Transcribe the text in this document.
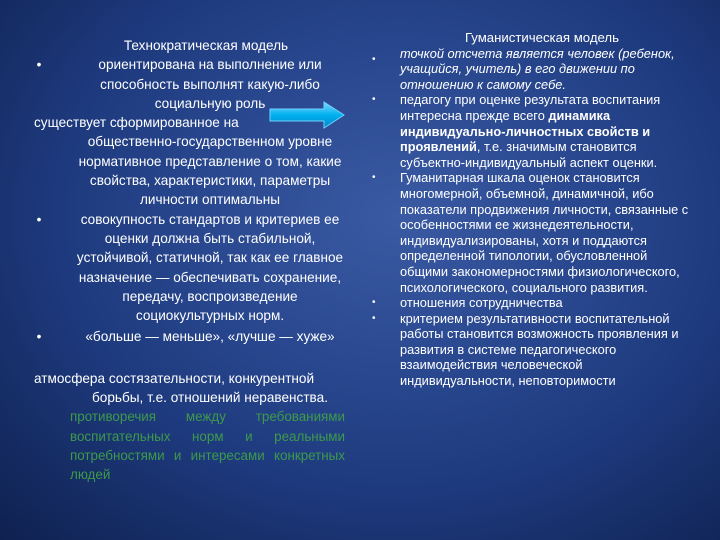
Технократическая модель
•	ориентирована на выполнение или способность выполнят какую-либо социальную роль
существует сформированное на
общественно-государственном уровне нормативное представление о том, какие свойства, характеристики, параметры личности оптимальны
•	совокупность стандартов и критериев ее оценки должна быть стабильной, устойчивой, статичной, так как ее главное назначение — обеспечивать сохранение, передачу, воспроизведение социокультурных норм.
•	«больше — меньше», «лучше — хуже»
атмосфера состязательности, конкурентной
борьбы, т.е. отношений неравенства.
противоречия между требованиями воспитательных норм и реальными потребностями и интересами конкретных людей
Гуманистическая модель
•	точкой отсчета является человек (ребенок, учащийся, учитель) в его движении по отношению к самому себе.
•	педагогу при оценке результата воспитания интересна прежде всего динамика индивидуально-личностных свойств и проявлений, т.е. значимым становится субъектно-индивидуальный аспект оценки.
•	Гуманитарная шкала оценок становится многомерной, объемной, динамичной, ибо показатели продвижения личности, связанные с особенностями ее жизнедеятельности, индивидуализированы, хотя и поддаются определенной типологии, обусловленной общими закономерностями физиологического, психологического, социального развития.
•	отношения сотрудничества
•	критерием результативности воспитательной работы становится возможность проявления и развития в системе педагогического взаимодействия человеческой индивидуальности, неповторимости
